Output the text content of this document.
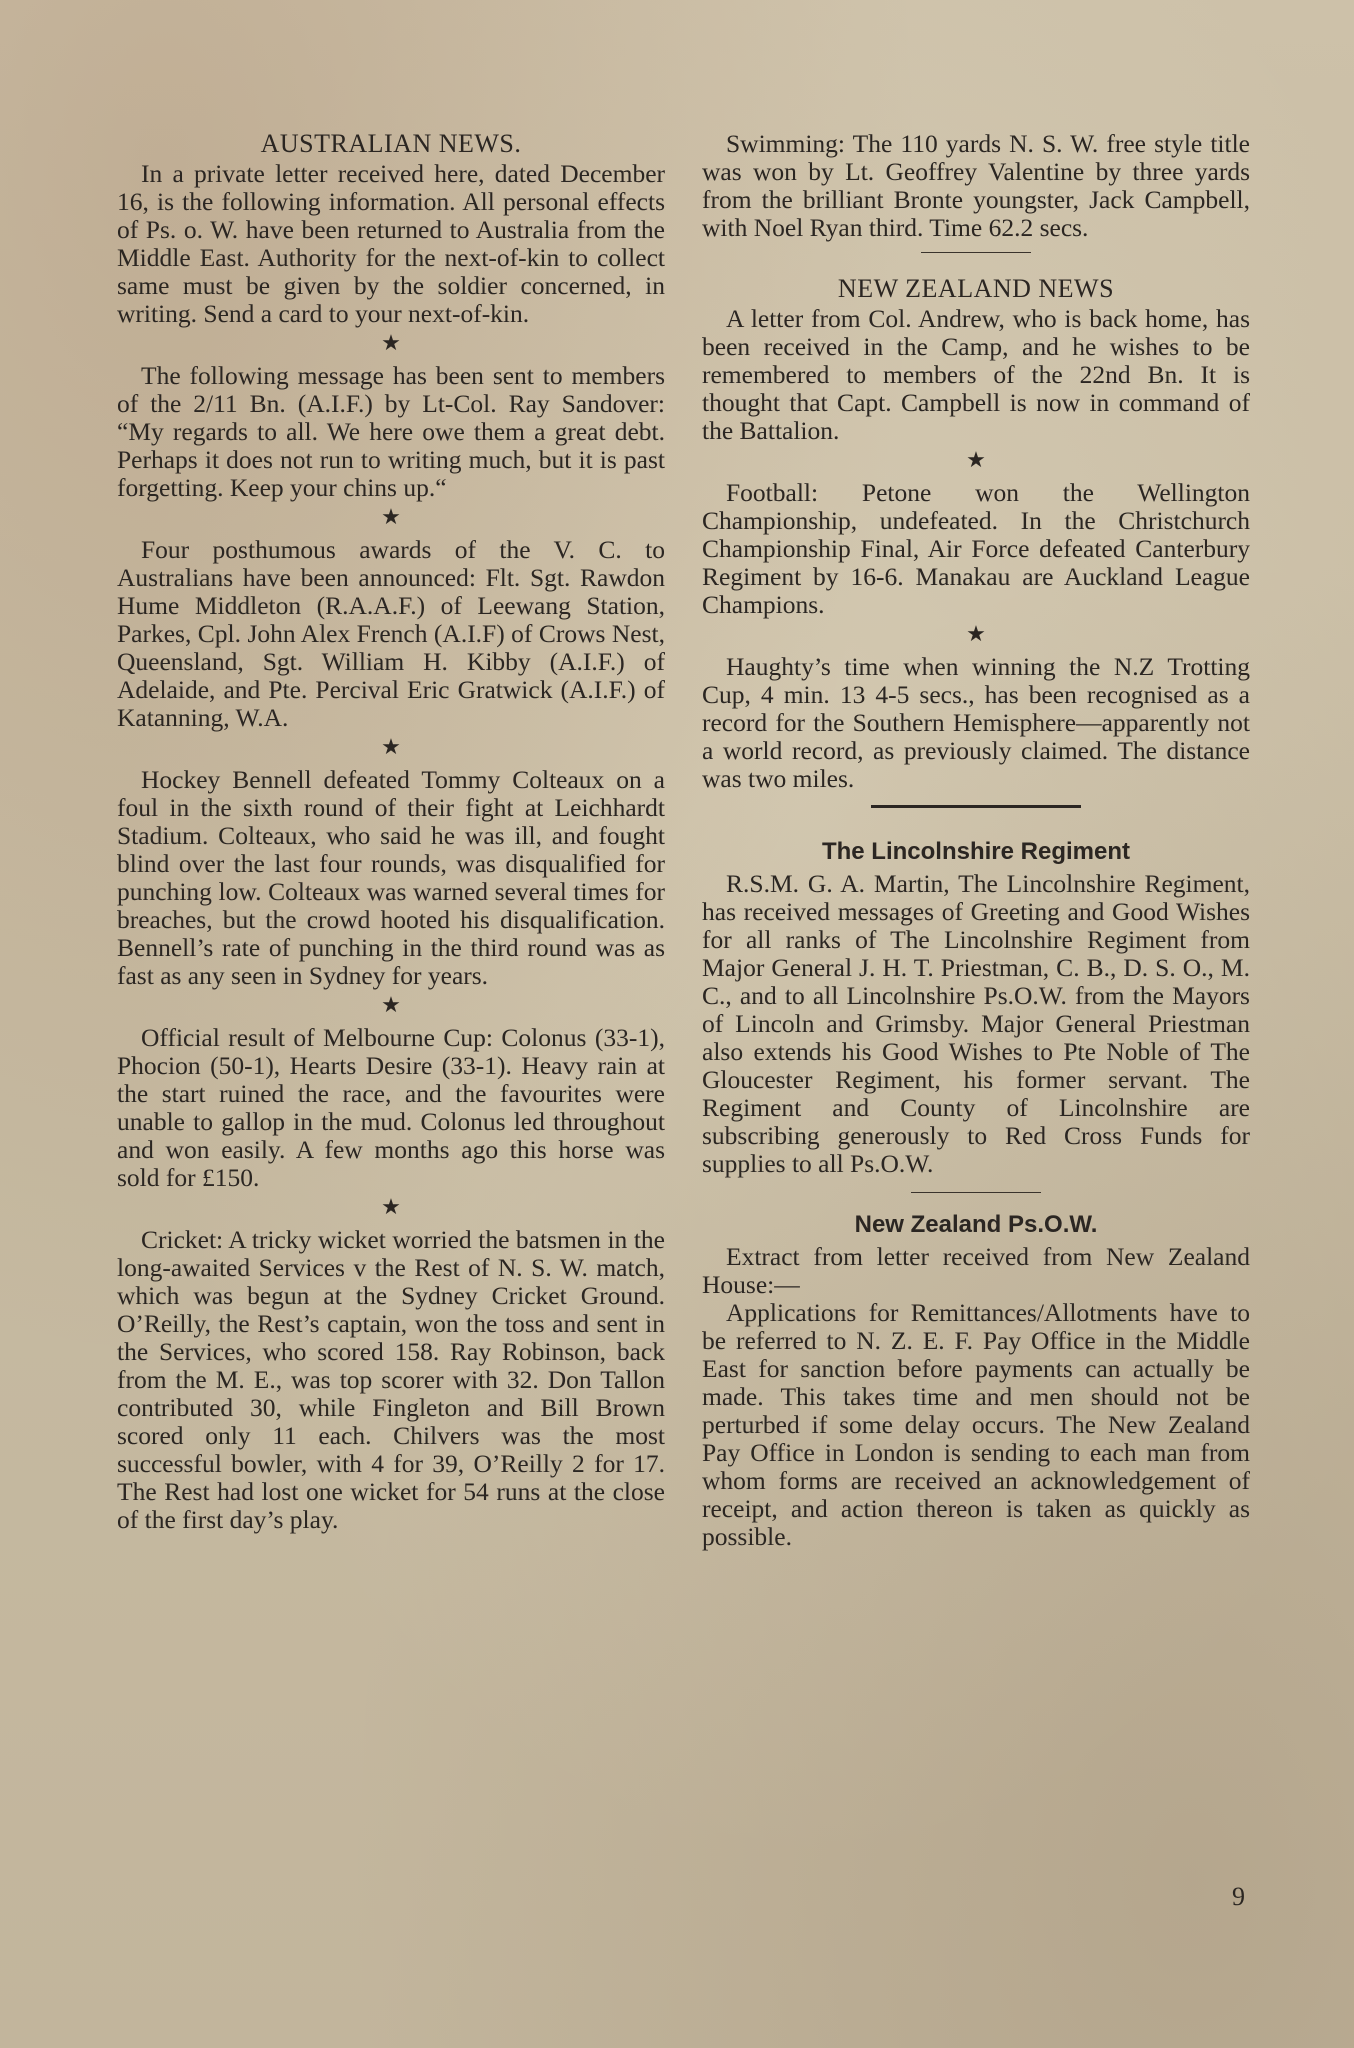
AUSTRALIAN NEWS.

In a private letter received here, dated December 16, is the following information. All personal effects of Ps. o. W. have been returned to Australia from the Middle East. Authority for the next-of-kin to collect same must be given by the soldier concerned, in writing. Send a card to your next-of-kin.

★

The following message has been sent to members of the 2/11 Bn. (A.I.F.) by Lt-Col. Ray Sandover: “My regards to all. We here owe them a great debt. Perhaps it does not run to writing much, but it is past forgetting. Keep your chins up.“

★

Four posthumous awards of the V. C. to Australians have been announced: Flt. Sgt. Rawdon Hume Middleton (R.A.A.F.) of Leewang Station, Parkes, Cpl. John Alex French (A.I.F) of Crows Nest, Queensland, Sgt. William H. Kibby (A.I.F.) of Adelaide, and Pte. Percival Eric Gratwick (A.I.F.) of Katanning, W.A.

★

Hockey Bennell defeated Tommy Colteaux on a foul in the sixth round of their fight at Leichhardt Stadium. Colteaux, who said he was ill, and fought blind over the last four rounds, was disqualified for punching low. Colteaux was warned several times for breaches, but the crowd hooted his disqualification. Bennell’s rate of punching in the third round was as fast as any seen in Sydney for years.

★

Official result of Melbourne Cup: Colonus (33-1), Phocion (50-1), Hearts Desire (33-1). Heavy rain at the start ruined the race, and the favourites were unable to gallop in the mud. Colonus led throughout and won easily. A few months ago this horse was sold for £150.

★

Cricket: A tricky wicket worried the batsmen in the long-awaited Services v the Rest of N. S. W. match, which was begun at the Sydney Cricket Ground. O’Reilly, the Rest’s captain, won the toss and sent in the Services, who scored 158. Ray Robinson, back from the M. E., was top scorer with 32. Don Tallon contributed 30, while Fingleton and Bill Brown scored only 11 each. Chilvers was the most successful bowler, with 4 for 39, O’Reilly 2 for 17. The Rest had lost one wicket for 54 runs at the close of the first day’s play.

Swimming: The 110 yards N. S. W. free style title was won by Lt. Geoffrey Valentine by three yards from the brilliant Bronte youngster, Jack Campbell, with Noel Ryan third. Time 62.2 secs.

NEW ZEALAND NEWS

A letter from Col. Andrew, who is back home, has been received in the Camp, and he wishes to be remembered to members of the 22nd Bn. It is thought that Capt. Campbell is now in command of the Battalion.

★

Football: Petone won the Wellington Championship, undefeated. In the Christchurch Championship Final, Air Force defeated Canterbury Regiment by 16-6. Manakau are Auckland League Champions.

★

Haughty’s time when winning the N.Z Trotting Cup, 4 min. 13 4-5 secs., has been recognised as a record for the Southern Hemisphere—apparently not a world record, as previously claimed. The distance was two miles.

The Lincolnshire Regiment

R.S.M. G. A. Martin, The Lincolnshire Regiment, has received messages of Greeting and Good Wishes for all ranks of The Lincolnshire Regiment from Major General J. H. T. Priestman, C. B., D. S. O., M. C., and to all Lincolnshire Ps.O.W. from the Mayors of Lincoln and Grimsby. Major General Priestman also extends his Good Wishes to Pte Noble of The Gloucester Regiment, his former servant. The Regiment and County of Lincolnshire are subscribing generously to Red Cross Funds for supplies to all Ps.O.W.

New Zealand Ps.O.W.

Extract from letter received from New Zealand House:—

Applications for Remittances/Allotments have to be referred to N. Z. E. F. Pay Office in the Middle East for sanction before payments can actually be made. This takes time and men should not be perturbed if some delay occurs. The New Zealand Pay Office in London is sending to each man from whom forms are received an acknowledgement of receipt, and action thereon is taken as quickly as possible.

9
